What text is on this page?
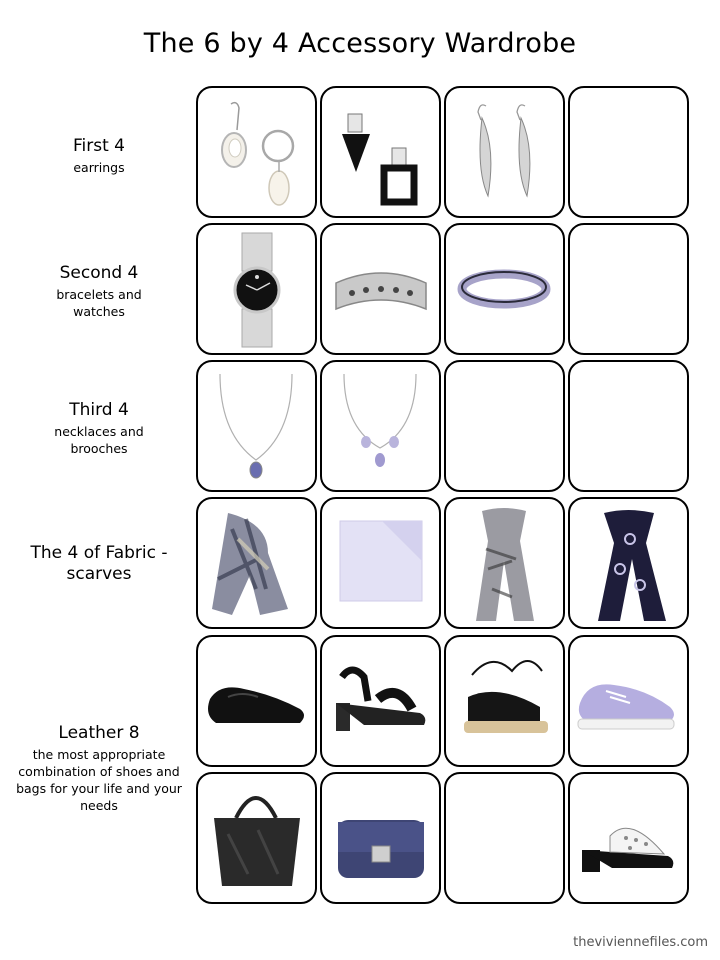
The 6 by 4 Accessory Wardrobe
First 4
earrings
Second 4
bracelets and watches
Third 4
necklaces and brooches
The 4 of Fabric - scarves
Leather 8
the most appropriate combination of shoes and bags for your life and your needs
theviviennefiles.com
